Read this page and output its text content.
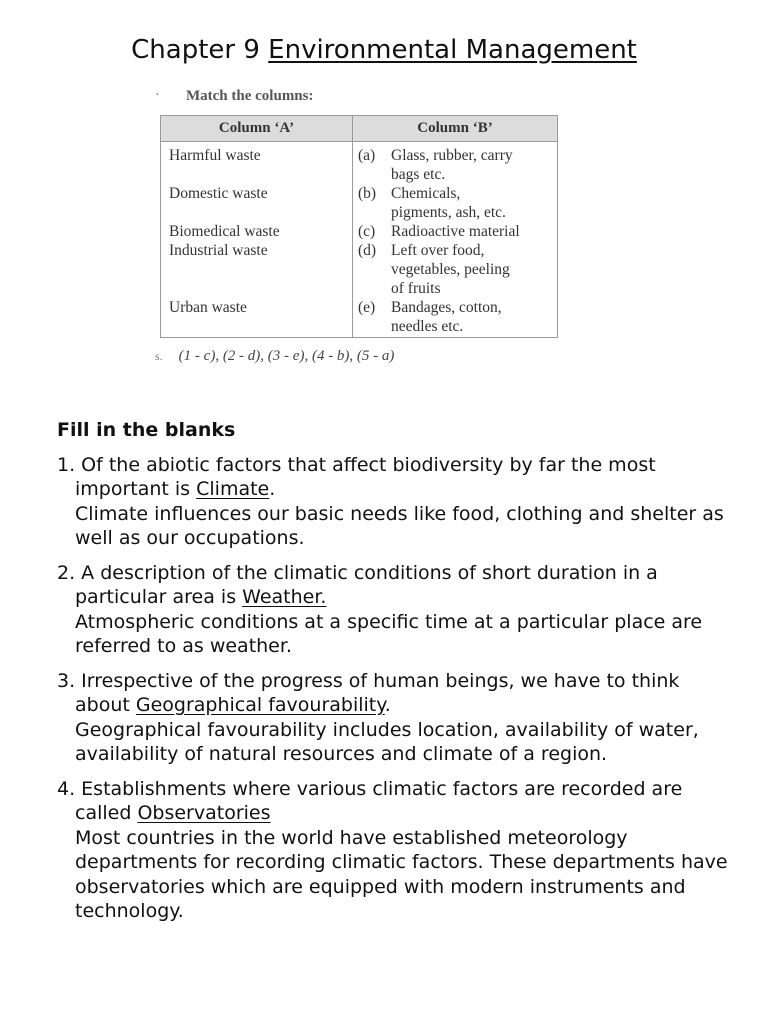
Chapter 9 Environmental Management
· Match the columns:
Column ‘A’	Column ‘B’
Harmful waste	(a) Glass, rubber, carry
bags etc.

Domestic waste	(b) Chemicals,
pigments, ash, etc.

Biomedical waste	(c) Radioactive material

Industrial waste	(d) Left over food,
vegetables, peeling
of fruits

Urban waste	(e) Bandages, cotton,
needles etc.
s. (1 - c), (2 - d), (3 - e), (4 - b), (5 - a)
Fill in the blanks
1. Of the abiotic factors that affect biodiversity by far the most important is Climate.
Climate influences our basic needs like food, clothing and shelter as well as our occupations.
2. A description of the climatic conditions of short duration in a particular area is Weather.
Atmospheric conditions at a specific time at a particular place are referred to as weather.
3. Irrespective of the progress of human beings, we have to think about Geographical favourability.
Geographical favourability includes location, availability of water, availability of natural resources and climate of a region.
4. Establishments where various climatic factors are recorded are called Observatories
Most countries in the world have established meteorology departments for recording climatic factors. These departments have observatories which are equipped with modern instruments and technology.
